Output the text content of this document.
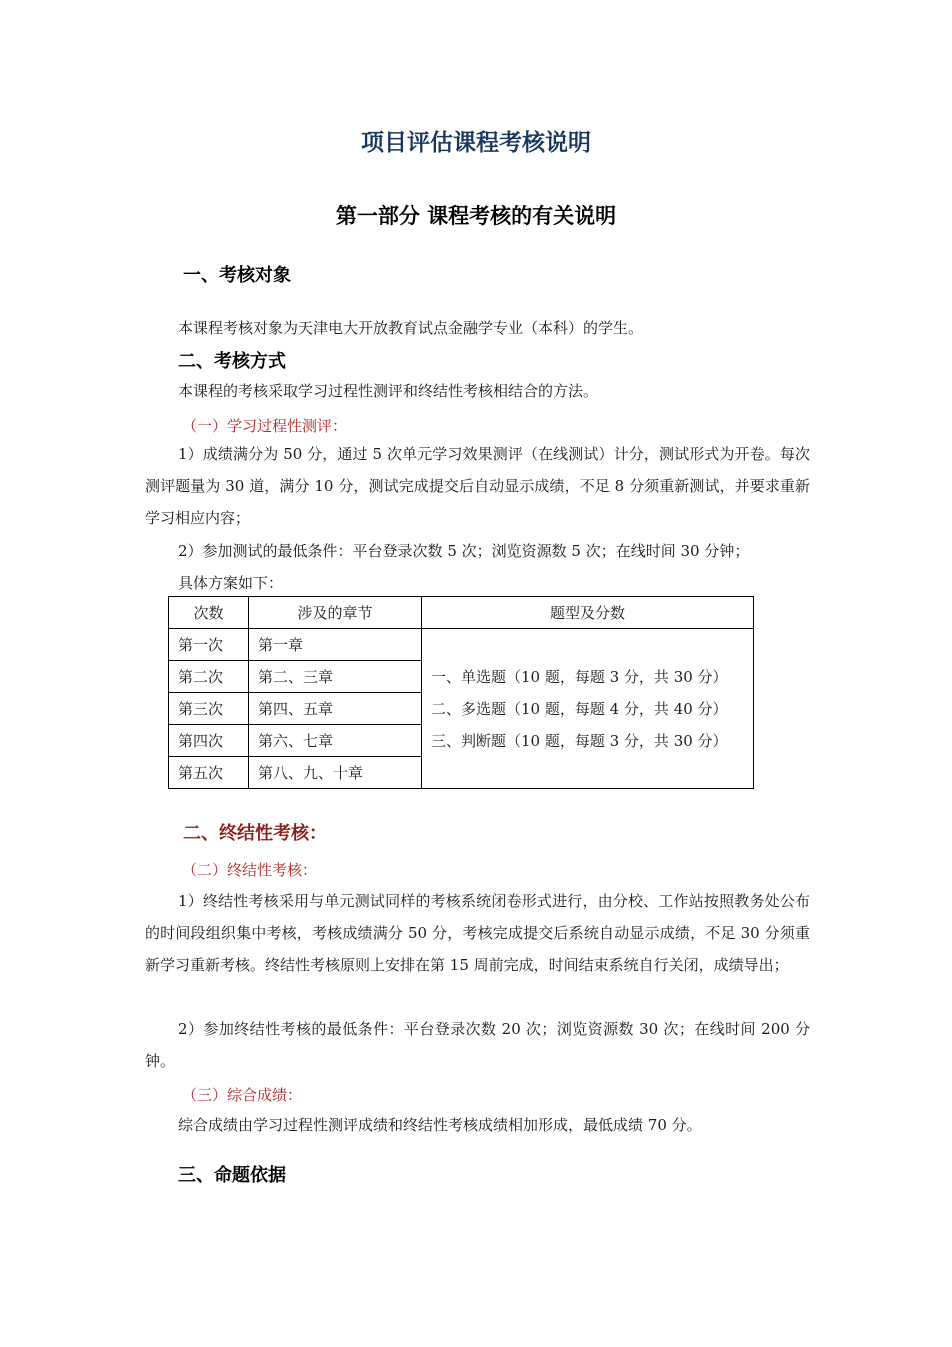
项目评估课程考核说明
第一部分 课程考核的有关说明
一、考核对象
本课程考核对象为天津电大开放教育试点金融学专业（本科）的学生。
二、考核方式
本课程的考核采取学习过程性测评和终结性考核相结合的方法。
（一）学习过程性测评：
1）成绩满分为 50 分，通过 5 次单元学习效果测评（在线测试）计分，测试形式为开卷。每次测评题量为 30 道，满分 10 分，测试完成提交后自动显示成绩，不足 8 分须重新测试，并要求重新学习相应内容；
2）参加测试的最低条件：平台登录次数 5 次；浏览资源数 5 次；在线时间 30 分钟；
具体方案如下：
次数	涉及的章节	题型及分数
第一次	第一章	一、单选题（10 题，每题 3 分，共 30 分）
二、多选题（10 题，每题 4 分，共 40 分）
三、判断题（10 题，每题 3 分，共 30 分）

第二次	第二、三章	
第三次	第四、五章	
第四次	第六、七章	
第五次	第八、九、十章	
二、终结性考核：
（二）终结性考核：
1）终结性考核采用与单元测试同样的考核系统闭卷形式进行，由分校、工作站按照教务处公布的时间段组织集中考核，考核成绩满分 50 分，考核完成提交后系统自动显示成绩，不足 30 分须重新学习重新考核。终结性考核原则上安排在第 15 周前完成，时间结束系统自行关闭，成绩导出；
2）参加终结性考核的最低条件：平台登录次数 20 次；浏览资源数 30 次；在线时间 200 分钟。
（三）综合成绩：
综合成绩由学习过程性测评成绩和终结性考核成绩相加形成，最低成绩 70 分。
三、命题依据
